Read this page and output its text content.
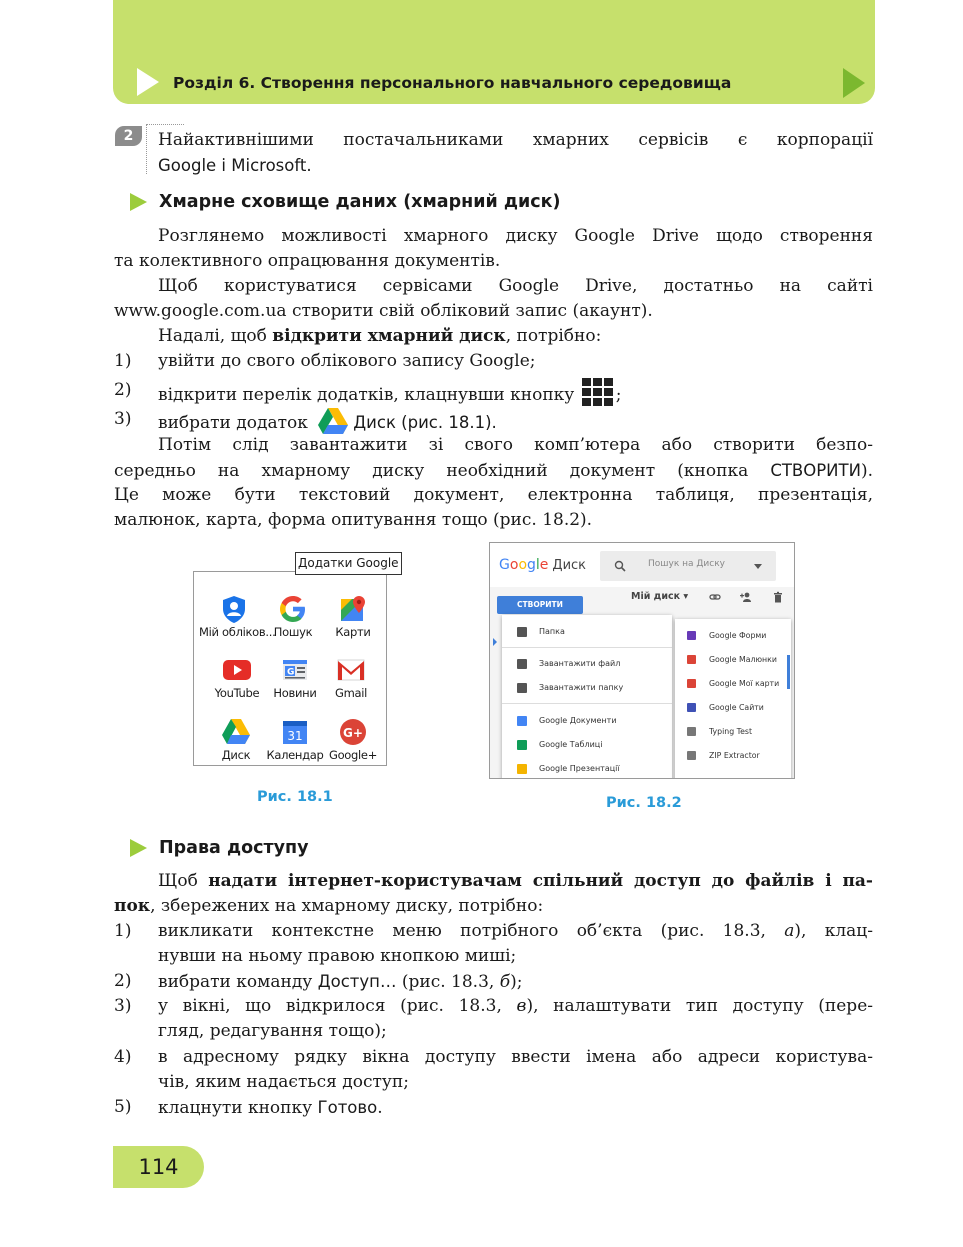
Розділ 6. Створення персонального навчального середовища
2	Найактивнішими постачальниками хмарних сервісів є корпорації
Google і Microsoft.
Хмарне сховище даних (хмарний диск)
Розглянемо можливості хмарного диску Google Drive щодо створення
та колективного опрацювання документів.
Щоб користуватися сервісами Google Drive, достатньо на сайті
www.google.com.ua створити свій обліковий запис (акаунт).
Надалі, щоб відкрити хмарний диск, потрібно:
1) увійти до свого облікового запису Google;
2) відкрити перелік додатків, клацнувши кнопку ;
3) вибрати додаток	Диск (рис. 18.1).
Потім слід завантажити зі свого комп’ютера або створити безпо-
середньо на хмарному диску необхідний документ (кнопка СТВОРИТИ).
Це може бути текстовий документ, електронна таблиця, презентація,
малюнок, карта, форма опитування тощо (рис. 18.2).
Мій обліков...
Пошук	Карти
YouTube
G
Новини	Gmail
Диск
31
Календар
G+
Google+
Додатки Google
Рис. 18.1
Google Диск	Пошук на Диску
СТВОРИТИ
Мій диск ▾
Папка
Завантажити файл
Завантажити папку
Google Документи
Google Таблиці
Google Презентації
Google Форми
Google Малюнки
Google Мої карти
Google Сайти
Typing Test
ZIP Extractor
Рис. 18.2
Права доступу
Щоб надати інтернет-користувачам спільний доступ до файлів і па-
пок, збережених на хмарному диску, потрібно:
1) викликати контекстне меню потрібного об’єкта (рис. 18.3, а), клац-
нувши на ньому правою кнопкою миші;
2) вибрати команду Доступ… (рис. 18.3, б);
3) у вікні, що відкрилося (рис. 18.3, в), налаштувати тип доступу (пере-
гляд, редагування тощо);
4) в адресному рядку вікна доступу ввести імена або адреси користува-
чів, яким надається доступ;
5) клацнути кнопку Готово.
114
